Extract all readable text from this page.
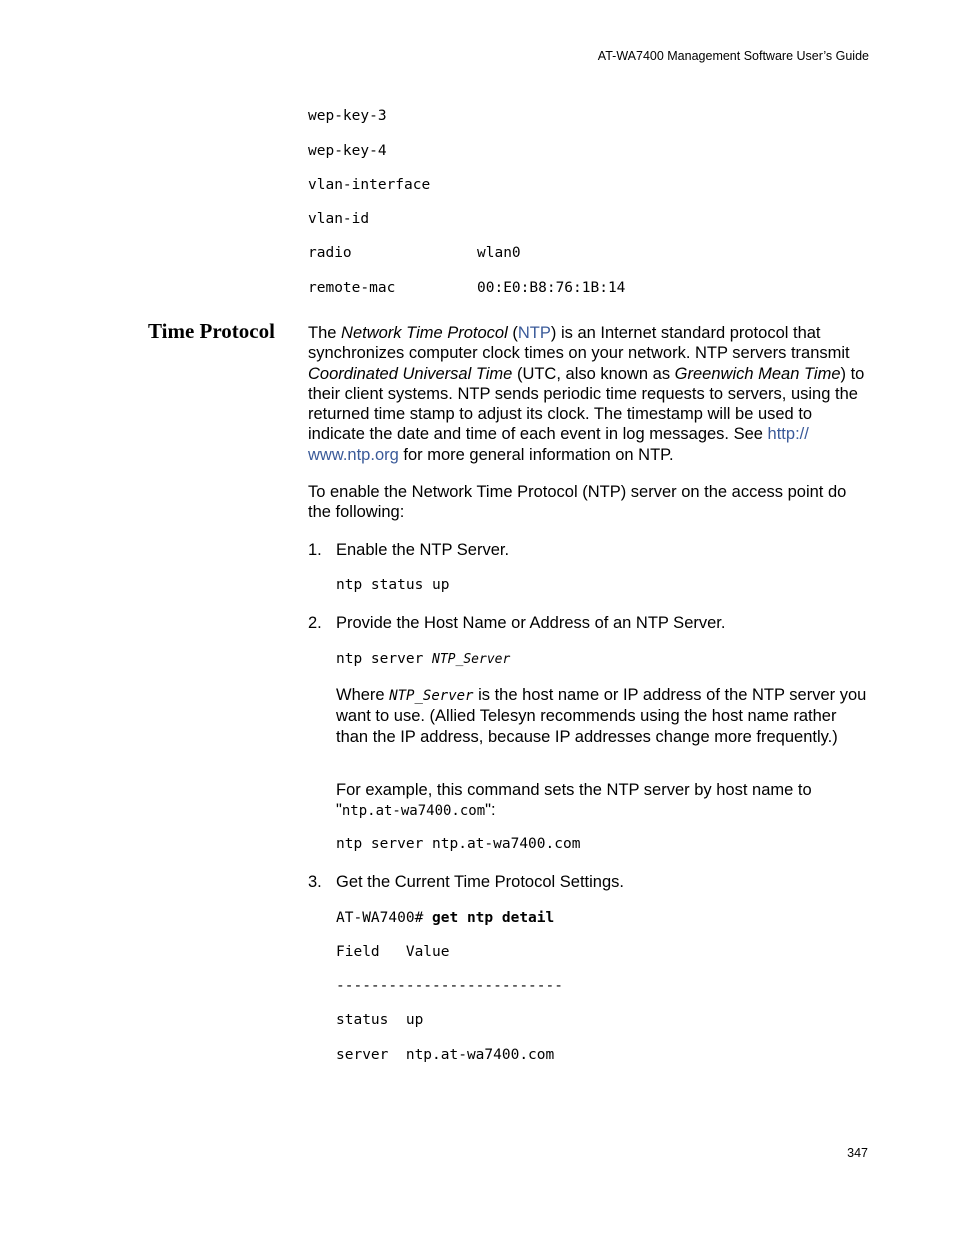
AT-WA7400 Management Software User’s Guide
wep-key-3
wep-key-4
vlan-interface
vlan-id
radio	wlan0
remote-mac	00:E0:B8:76:1B:14
Time Protocol The Network Time Protocol (NTP) is an Internet standard protocol that synchronizes computer clock times on your network. NTP servers transmit Coordinated Universal Time (UTC, also known as Greenwich Mean Time) to their client systems. NTP sends periodic time requests to servers, using the returned time stamp to adjust its clock. The timestamp will be used to indicate the date and time of each event in log messages. See http://
www.ntp.org for more general information on NTP.
To enable the Network Time Protocol (NTP) server on the access point do the following:
1. Enable the NTP Server.
ntp status up
2. Provide the Host Name or Address of an NTP Server.
ntp server NTP_Server
Where NTP_Server is the host name or IP address of the NTP server you want to use. (Allied Telesyn recommends using the host name rather than the IP address, because IP addresses change more frequently.)
For example, this command sets the NTP server by host name to "ntp.at-wa7400.com":
ntp server ntp.at-wa7400.com
3. Get the Current Time Protocol Settings.
AT-WA7400# get ntp detail
Field   Value
--------------------------
status  up
server  ntp.at-wa7400.com
347
